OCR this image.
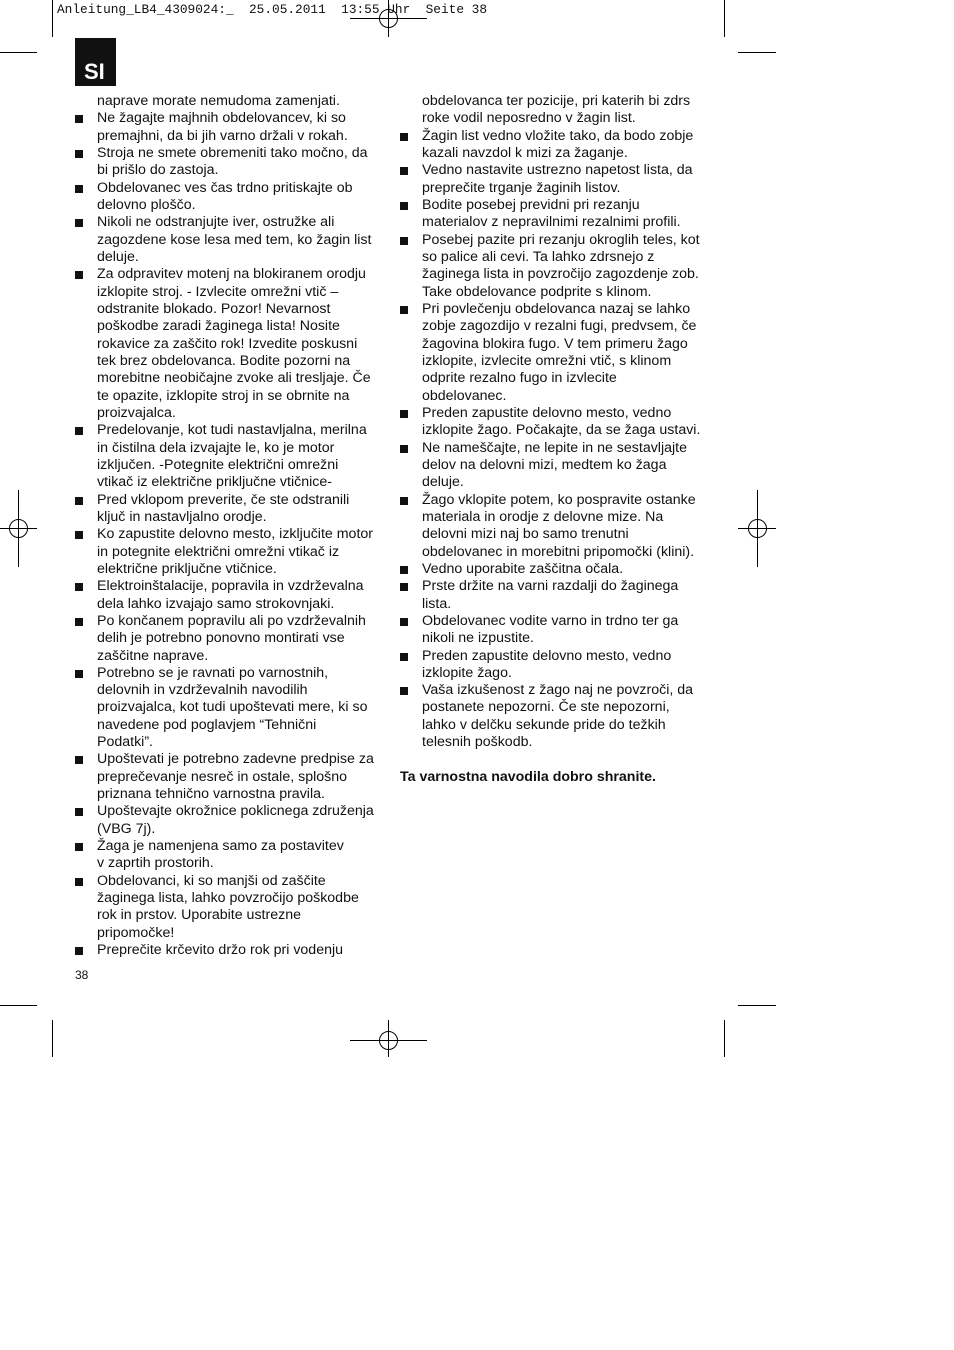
Anleitung_LB4_4309024:_  25.05.2011  13:55 Uhr  Seite 38
SI
naprave morate nemudoma zamenjati.
Ne žagajte majhnih obdelovancev, ki so
premajhni, da bi jih varno držali v rokah.
Stroja ne smete obremeniti tako močno, da
bi prišlo do zastoja.
Obdelovanec ves čas trdno pritiskajte ob
delovno ploščo.
Nikoli ne odstranjujte iver, ostružke ali
zagozdene kose lesa med tem, ko žagin list
deluje.
Za odpravitev motenj na blokiranem orodju
izklopite stroj. - Izvlecite omrežni vtič –
odstranite blokado. Pozor! Nevarnost
poškodbe zaradi žaginega lista! Nosite
rokavice za zaščito rok! Izvedite poskusni
tek brez obdelovanca. Bodite pozorni na
morebitne neobičajne zvoke ali tresljaje. Če
te opazite, izklopite stroj in se obrnite na
proizvajalca.
Predelovanje, kot tudi nastavljalna, merilna
in čistilna dela izvajajte le, ko je motor
izključen. -Potegnite električni omrežni
vtikač iz električne priključne vtičnice-
Pred vklopom preverite, če ste odstranili
ključ in nastavljalno orodje.
Ko zapustite delovno mesto, izključite motor
in potegnite električni omrežni vtikač iz
električne priključne vtičnice.
Elektroinštalacije, popravila in vzdrževalna
dela lahko izvajajo samo strokovnjaki.
Po končanem popravilu ali po vzdrževalnih
delih je potrebno ponovno montirati vse
zaščitne naprave.
Potrebno se je ravnati po varnostnih,
delovnih in vzdrževalnih navodilih
proizvajalca, kot tudi upoštevati mere, ki so
navedene pod poglavjem “Tehnični
Podatki”.
Upoštevati je potrebno zadevne predpise za
preprečevanje nesreč in ostale, splošno
priznana tehnično varnostna pravila.
Upoštevajte okrožnice poklicnega združenja
(VBG 7j).
Žaga je namenjena samo za postavitev
v zaprtih prostorih.
Obdelovanci, ki so manjši od zaščite
žaginega lista, lahko povzročijo poškodbe
rok in prstov. Uporabite ustrezne
pripomočke!
Preprečite krčevito držo rok pri vodenju
obdelovanca ter pozicije, pri katerih bi zdrs
roke vodil neposredno v žagin list.
Žagin list vedno vložite tako, da bodo zobje
kazali navzdol k mizi za žaganje.
Vedno nastavite ustrezno napetost lista, da
preprečite trganje žaginih listov.
Bodite posebej previdni pri rezanju
materialov z nepravilnimi rezalnimi profili.
Posebej pazite pri rezanju okroglih teles, kot
so palice ali cevi. Ta lahko zdrsnejo z
žaginega lista in povzročijo zagozdenje zob.
Take obdelovance podprite s klinom.
Pri povlečenju obdelovanca nazaj se lahko
zobje zagozdijo v rezalni fugi, predvsem, če
žagovina blokira fugo. V tem primeru žago
izklopite, izvlecite omrežni vtič, s klinom
odprite rezalno fugo in izvlecite
obdelovanec.
Preden zapustite delovno mesto, vedno
izklopite žago. Počakajte, da se žaga ustavi.
Ne nameščajte, ne lepite in ne sestavljajte
delov na delovni mizi, medtem ko žaga
deluje.
Žago vklopite potem, ko pospravite ostanke
materiala in orodje z delovne mize. Na
delovni mizi naj bo samo trenutni
obdelovanec in morebitni pripomočki (klini).
Vedno uporabite zaščitna očala.
Prste držite na varni razdalji do žaginega
lista.
Obdelovanec vodite varno in trdno ter ga
nikoli ne izpustite.
Preden zapustite delovno mesto, vedno
izklopite žago.
Vaša izkušenost z žago naj ne povzroči, da
postanete nepozorni. Če ste nepozorni,
lahko v delčku sekunde pride do težkih
telesnih poškodb.
Ta varnostna navodila dobro shranite.
38
